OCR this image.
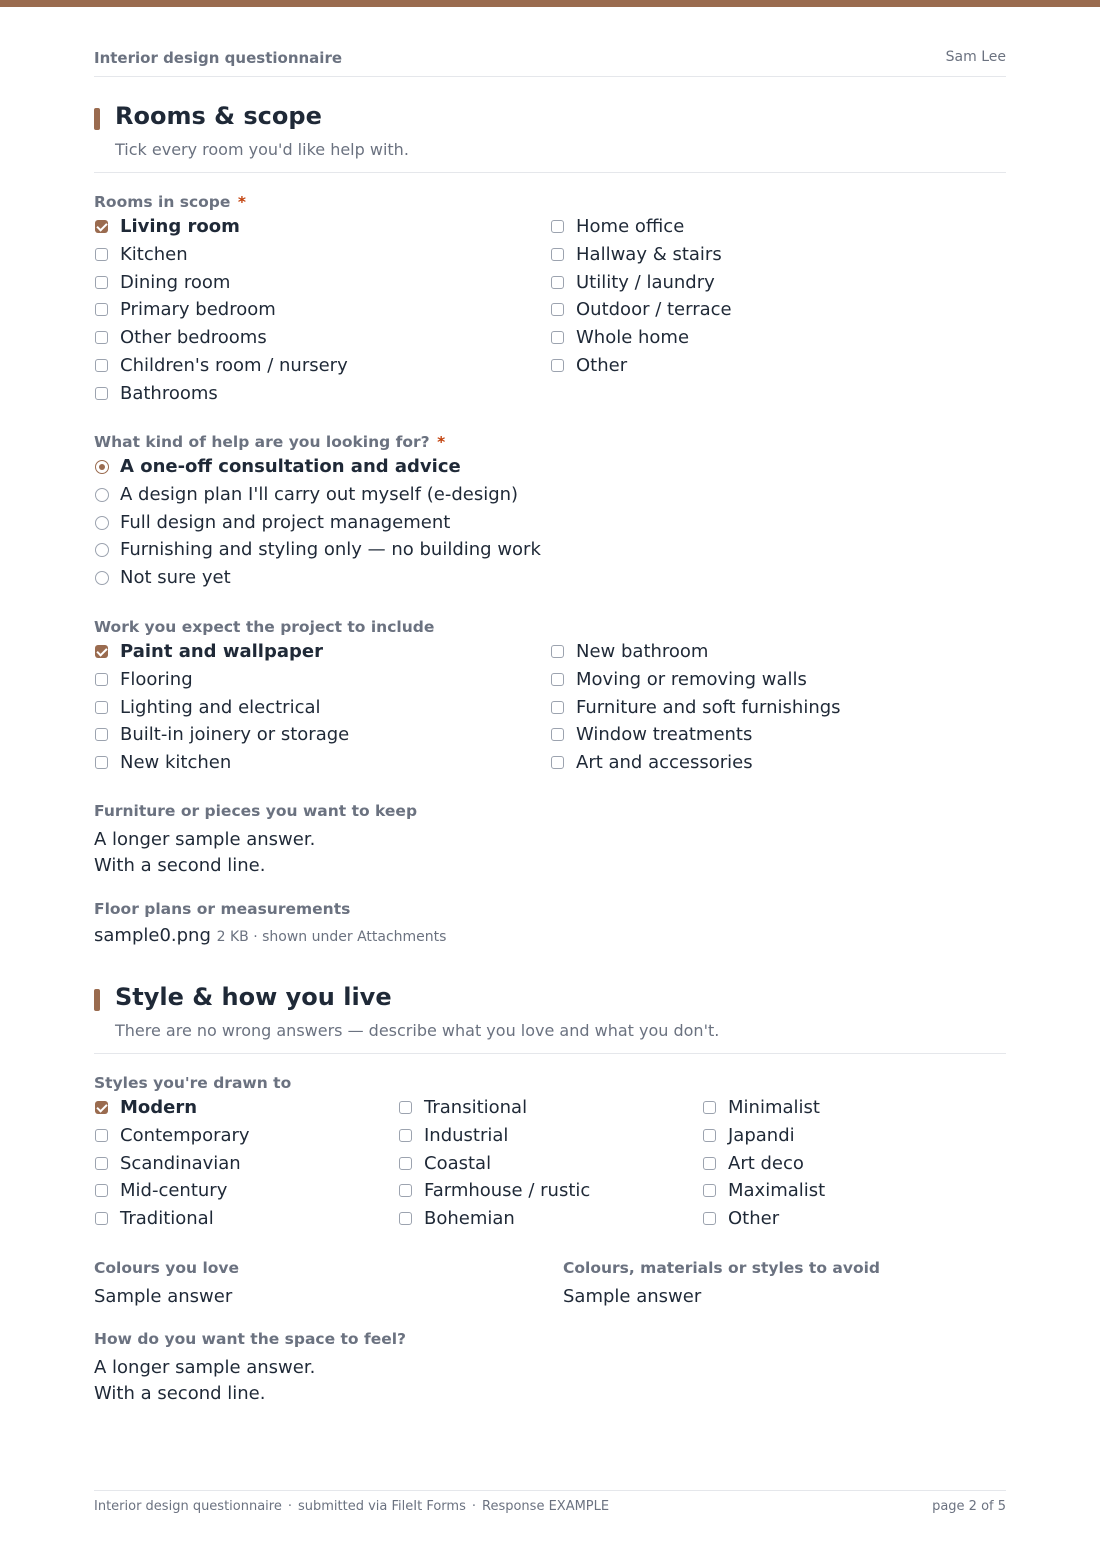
Interior design questionnaire	Sam Lee
Rooms & scope
Tick every room you'd like help with.
Rooms in scope *
Living room
Kitchen
Dining room
Primary bedroom
Other bedrooms
Children's room / nursery
Bathrooms
Home office
Hallway & stairs
Utility / laundry
Outdoor / terrace
Whole home
Other
What kind of help are you looking for? *
A one-off consultation and advice
A design plan I'll carry out myself (e-design)
Full design and project management
Furnishing and styling only — no building work
Not sure yet
Work you expect the project to include
Paint and wallpaper
Flooring
Lighting and electrical
Built-in joinery or storage
New kitchen
New bathroom
Moving or removing walls
Furniture and soft furnishings
Window treatments
Art and accessories
Furniture or pieces you want to keep
A longer sample answer.
With a second line.
Floor plans or measurements
sample0.png 2 KB · shown under Attachments
Style & how you live
There are no wrong answers — describe what you love and what you don't.
Styles you're drawn to
Modern
Contemporary
Scandinavian
Mid-century
Traditional
Transitional
Industrial
Coastal
Farmhouse / rustic
Bohemian
Minimalist
Japandi
Art deco
Maximalist
Other
Colours you love
Sample answer
Colours, materials or styles to avoid
Sample answer
How do you want the space to feel?
A longer sample answer.
With a second line.
Interior design questionnaire · submitted via FileIt Forms · Response EXAMPLE	page 2 of 5
